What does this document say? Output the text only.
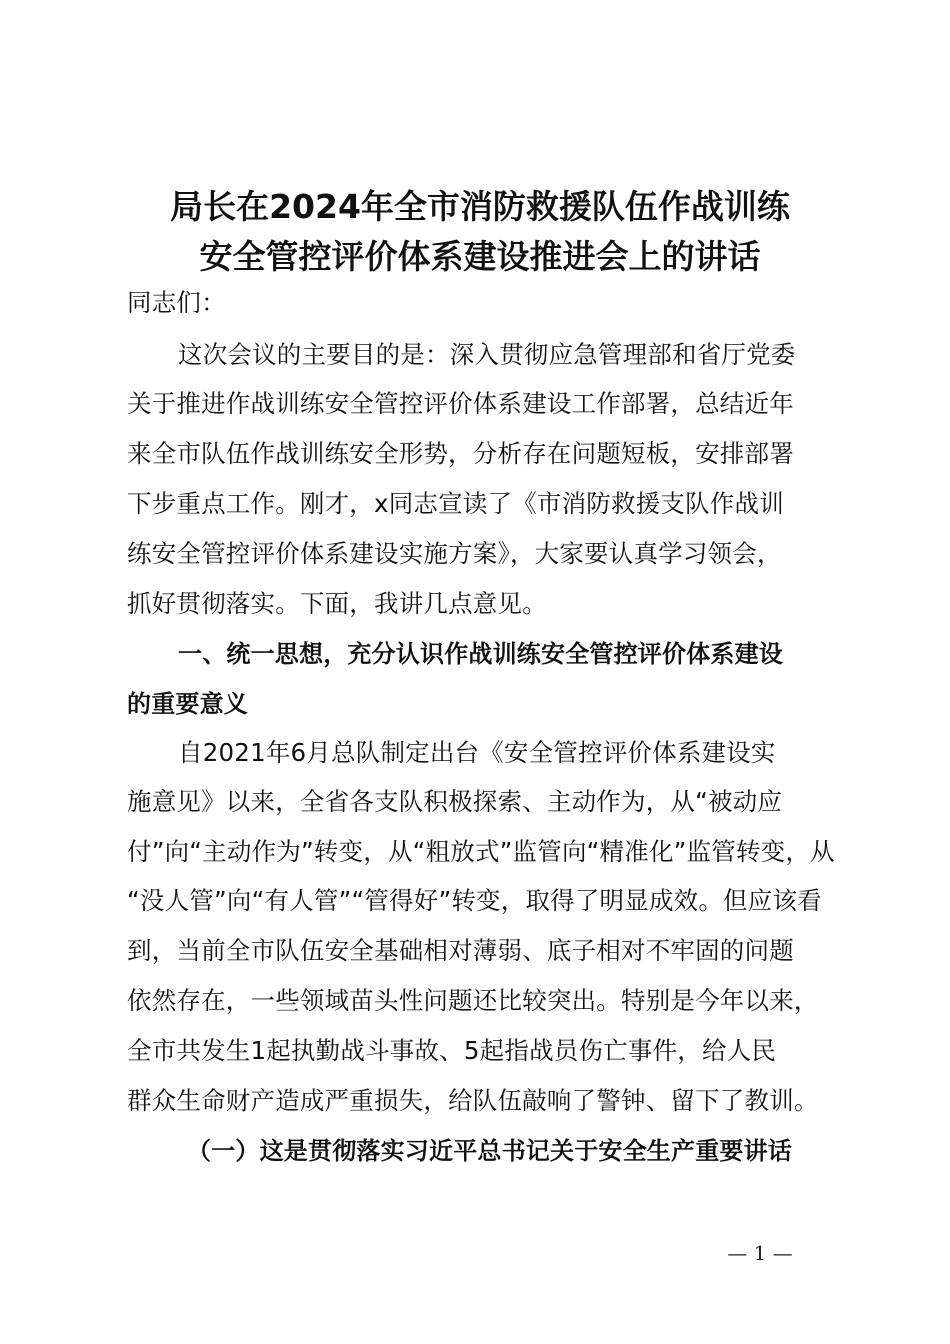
局长在2024年全市消防救援队伍作战训练
安全管控评价体系建设推进会上的讲话
同志们：
这次会议的主要目的是：深入贯彻应急管理部和省厅党委
关于推进作战训练安全管控评价体系建设工作部署，总结近年
来全市队伍作战训练安全形势，分析存在问题短板，安排部署
下步重点工作。刚才，x同志宣读了《市消防救援支队作战训
练安全管控评价体系建设实施方案》，大家要认真学习领会，
抓好贯彻落实。下面，我讲几点意见。
一、统一思想，充分认识作战训练安全管控评价体系建设
的重要意义
自2021年6月总队制定出台《安全管控评价体系建设实
施意见》以来，全省各支队积极探索、主动作为，从“被动应
付”向“主动作为”转变，从“粗放式”监管向“精准化”监管转变，从
“没人管”向“有人管”“管得好”转变，取得了明显成效。但应该看
到，当前全市队伍安全基础相对薄弱、底子相对不牢固的问题
依然存在，一些领域苗头性问题还比较突出。特别是今年以来，
全市共发生1起执勤战斗事故、5起指战员伤亡事件，给人民
群众生命财产造成严重损失，给队伍敲响了警钟、留下了教训。
（一）这是贯彻落实习近平总书记关于安全生产重要讲话
— 1 —
